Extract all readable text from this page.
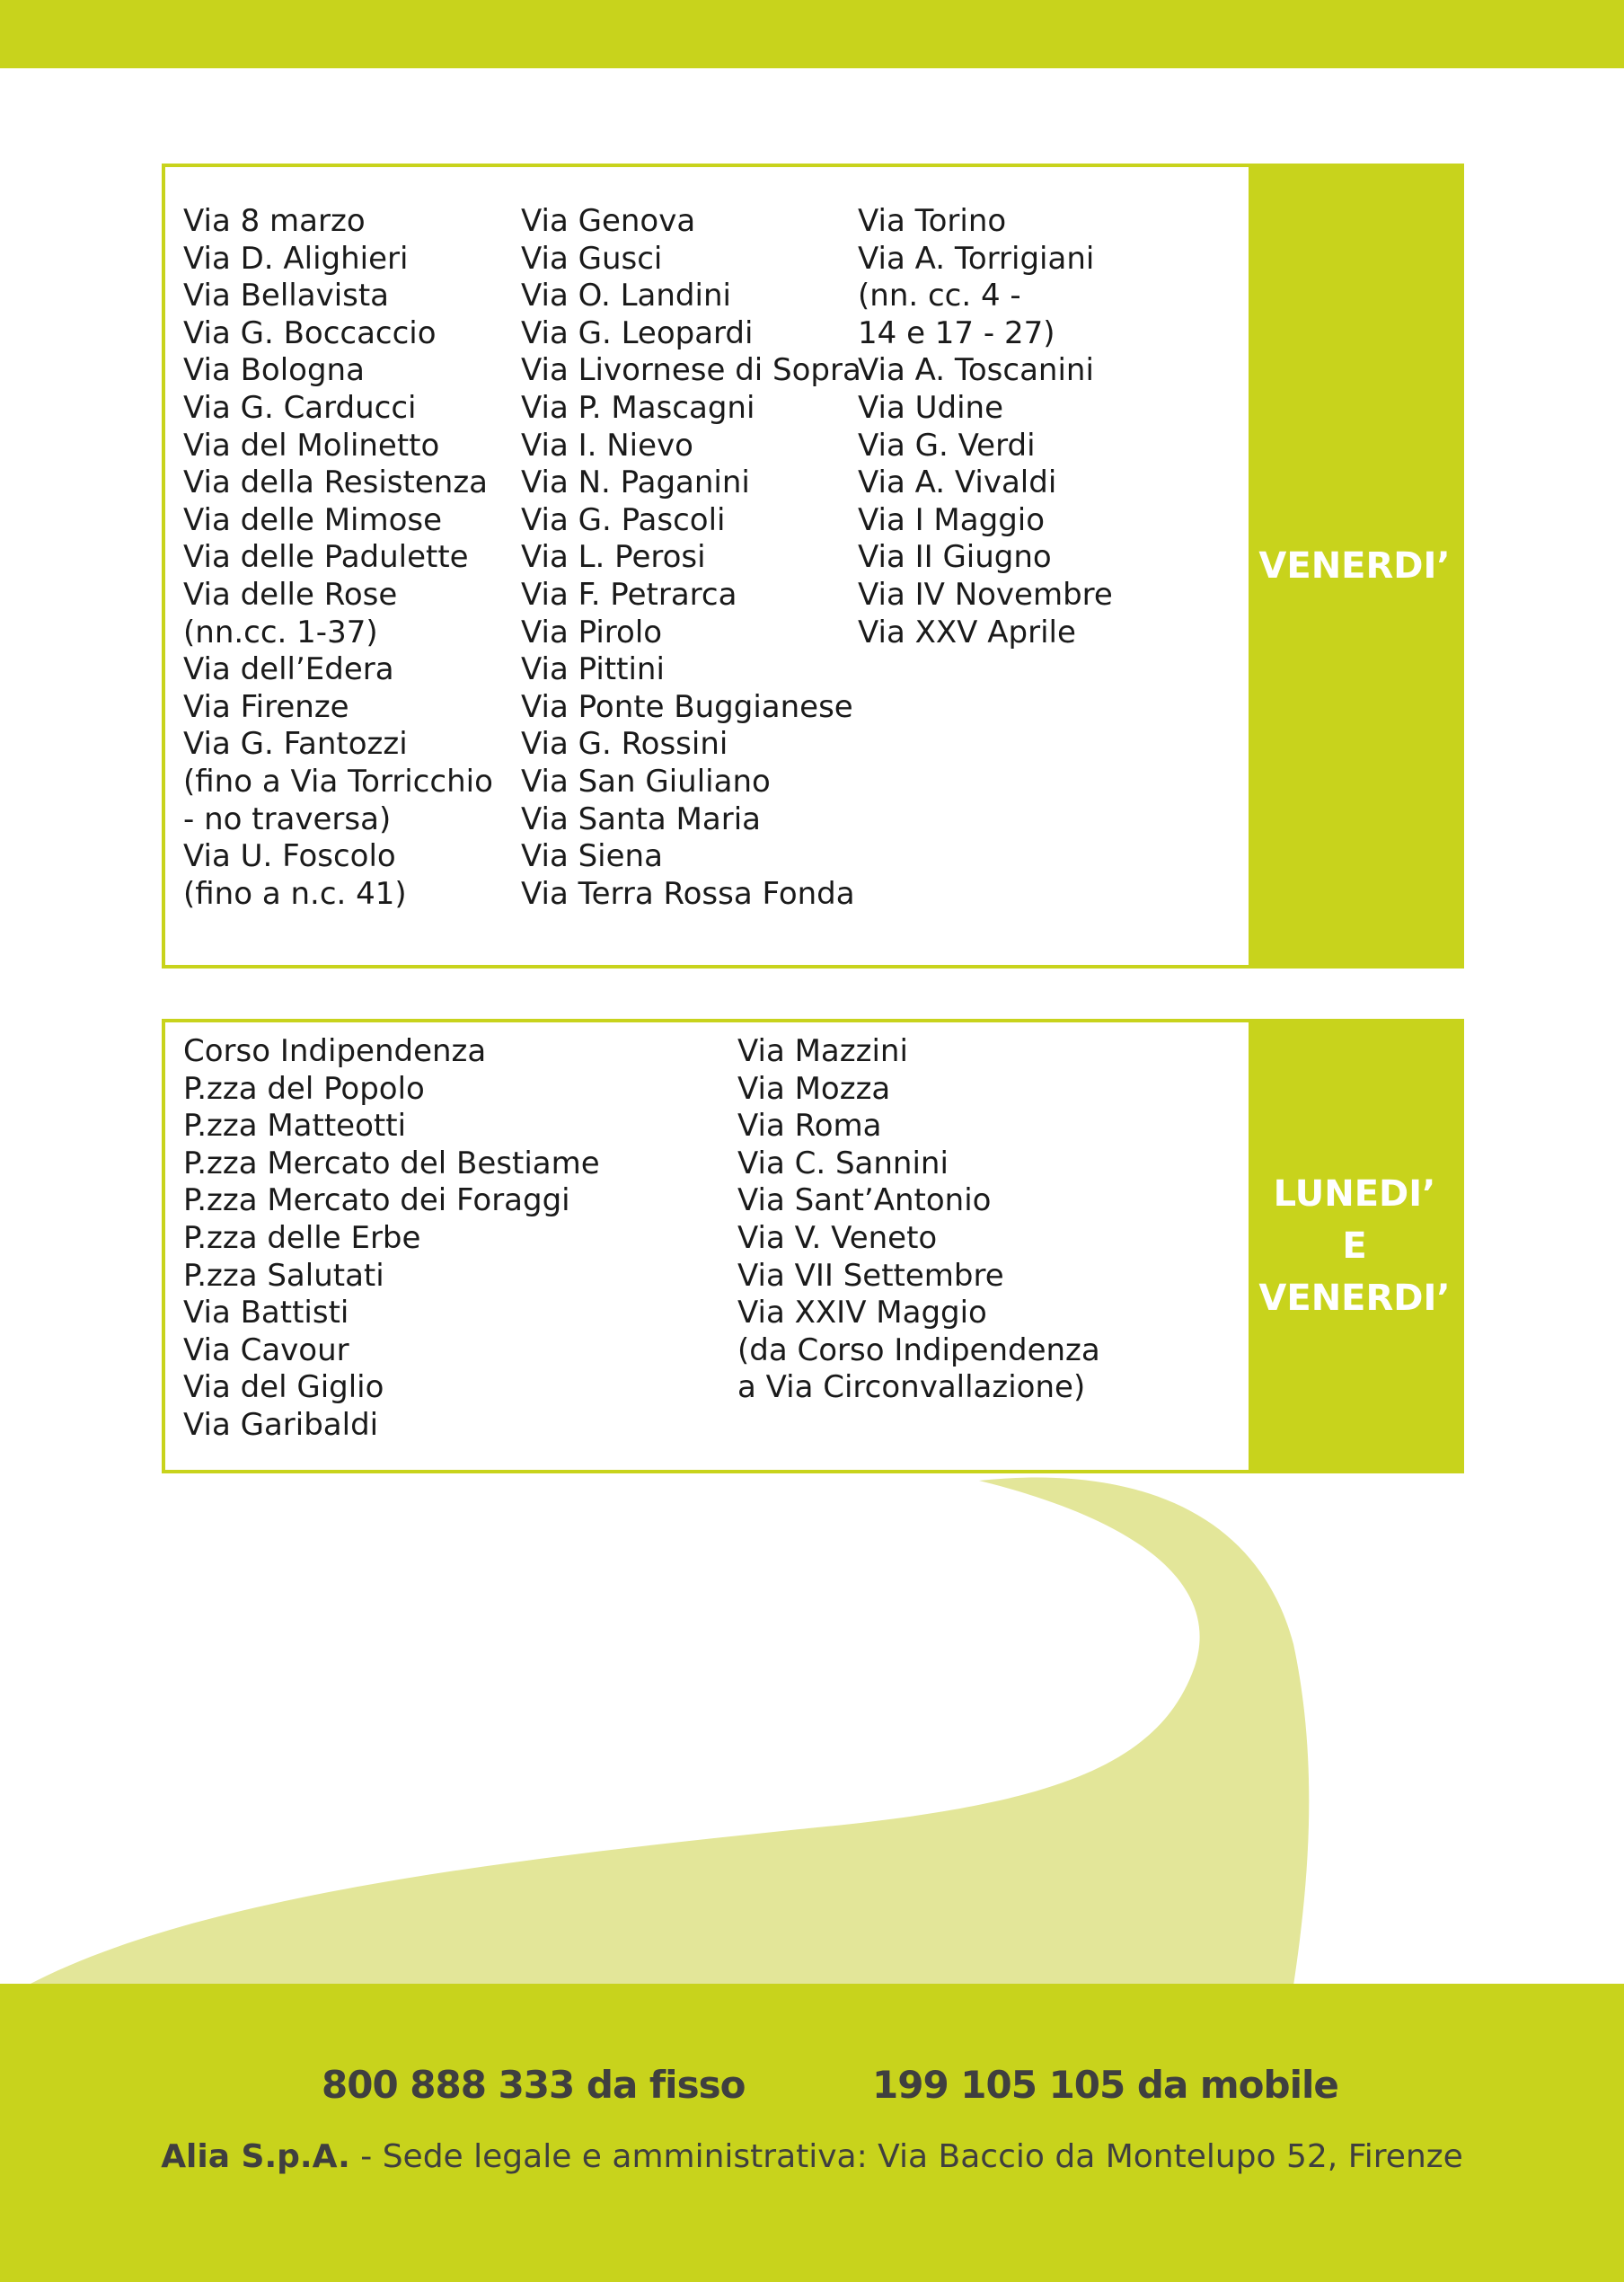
Via 8 marzo
Via D. Alighieri
Via Bellavista
Via G. Boccaccio
Via Bologna
Via G. Carducci
Via del Molinetto
Via della Resistenza
Via delle Mimose
Via delle Padulette
Via delle Rose
(nn.cc. 1-37)
Via dell’Edera
Via Firenze
Via G. Fantozzi
(fino a Via Torricchio
- no traversa)
Via U. Foscolo
(fino a n.c. 41)
Via Genova
Via Gusci
Via O. Landini
Via G. Leopardi
Via Livornese di Sopra
Via P. Mascagni
Via I. Nievo
Via N. Paganini
Via G. Pascoli
Via L. Perosi
Via F. Petrarca
Via Pirolo
Via Pittini
Via Ponte Buggianese
Via G. Rossini
Via San Giuliano
Via Santa Maria
Via Siena
Via Terra Rossa Fonda
Via Torino
Via A. Torrigiani
(nn. cc. 4 -
14 e 17 - 27)
Via A. Toscanini
Via Udine
Via G. Verdi
Via A. Vivaldi
Via I Maggio
Via II Giugno
Via IV Novembre
Via XXV Aprile
VENERDI’
Corso Indipendenza
P.zza del Popolo
P.zza Matteotti
P.zza Mercato del Bestiame
P.zza Mercato dei Foraggi
P.zza delle Erbe
P.zza Salutati
Via Battisti
Via Cavour
Via del Giglio
Via Garibaldi
Via Mazzini
Via Mozza
Via Roma
Via C. Sannini
Via Sant’Antonio
Via V. Veneto
Via VII Settembre
Via XXIV Maggio
(da Corso Indipendenza
a Via Circonvallazione)
LUNEDI’
E
VENERDI’
800 888 333 da fisso	199 105 105 da mobile
Alia S.p.A. - Sede legale e amministrativa: Via Baccio da Montelupo 52, Firenze
